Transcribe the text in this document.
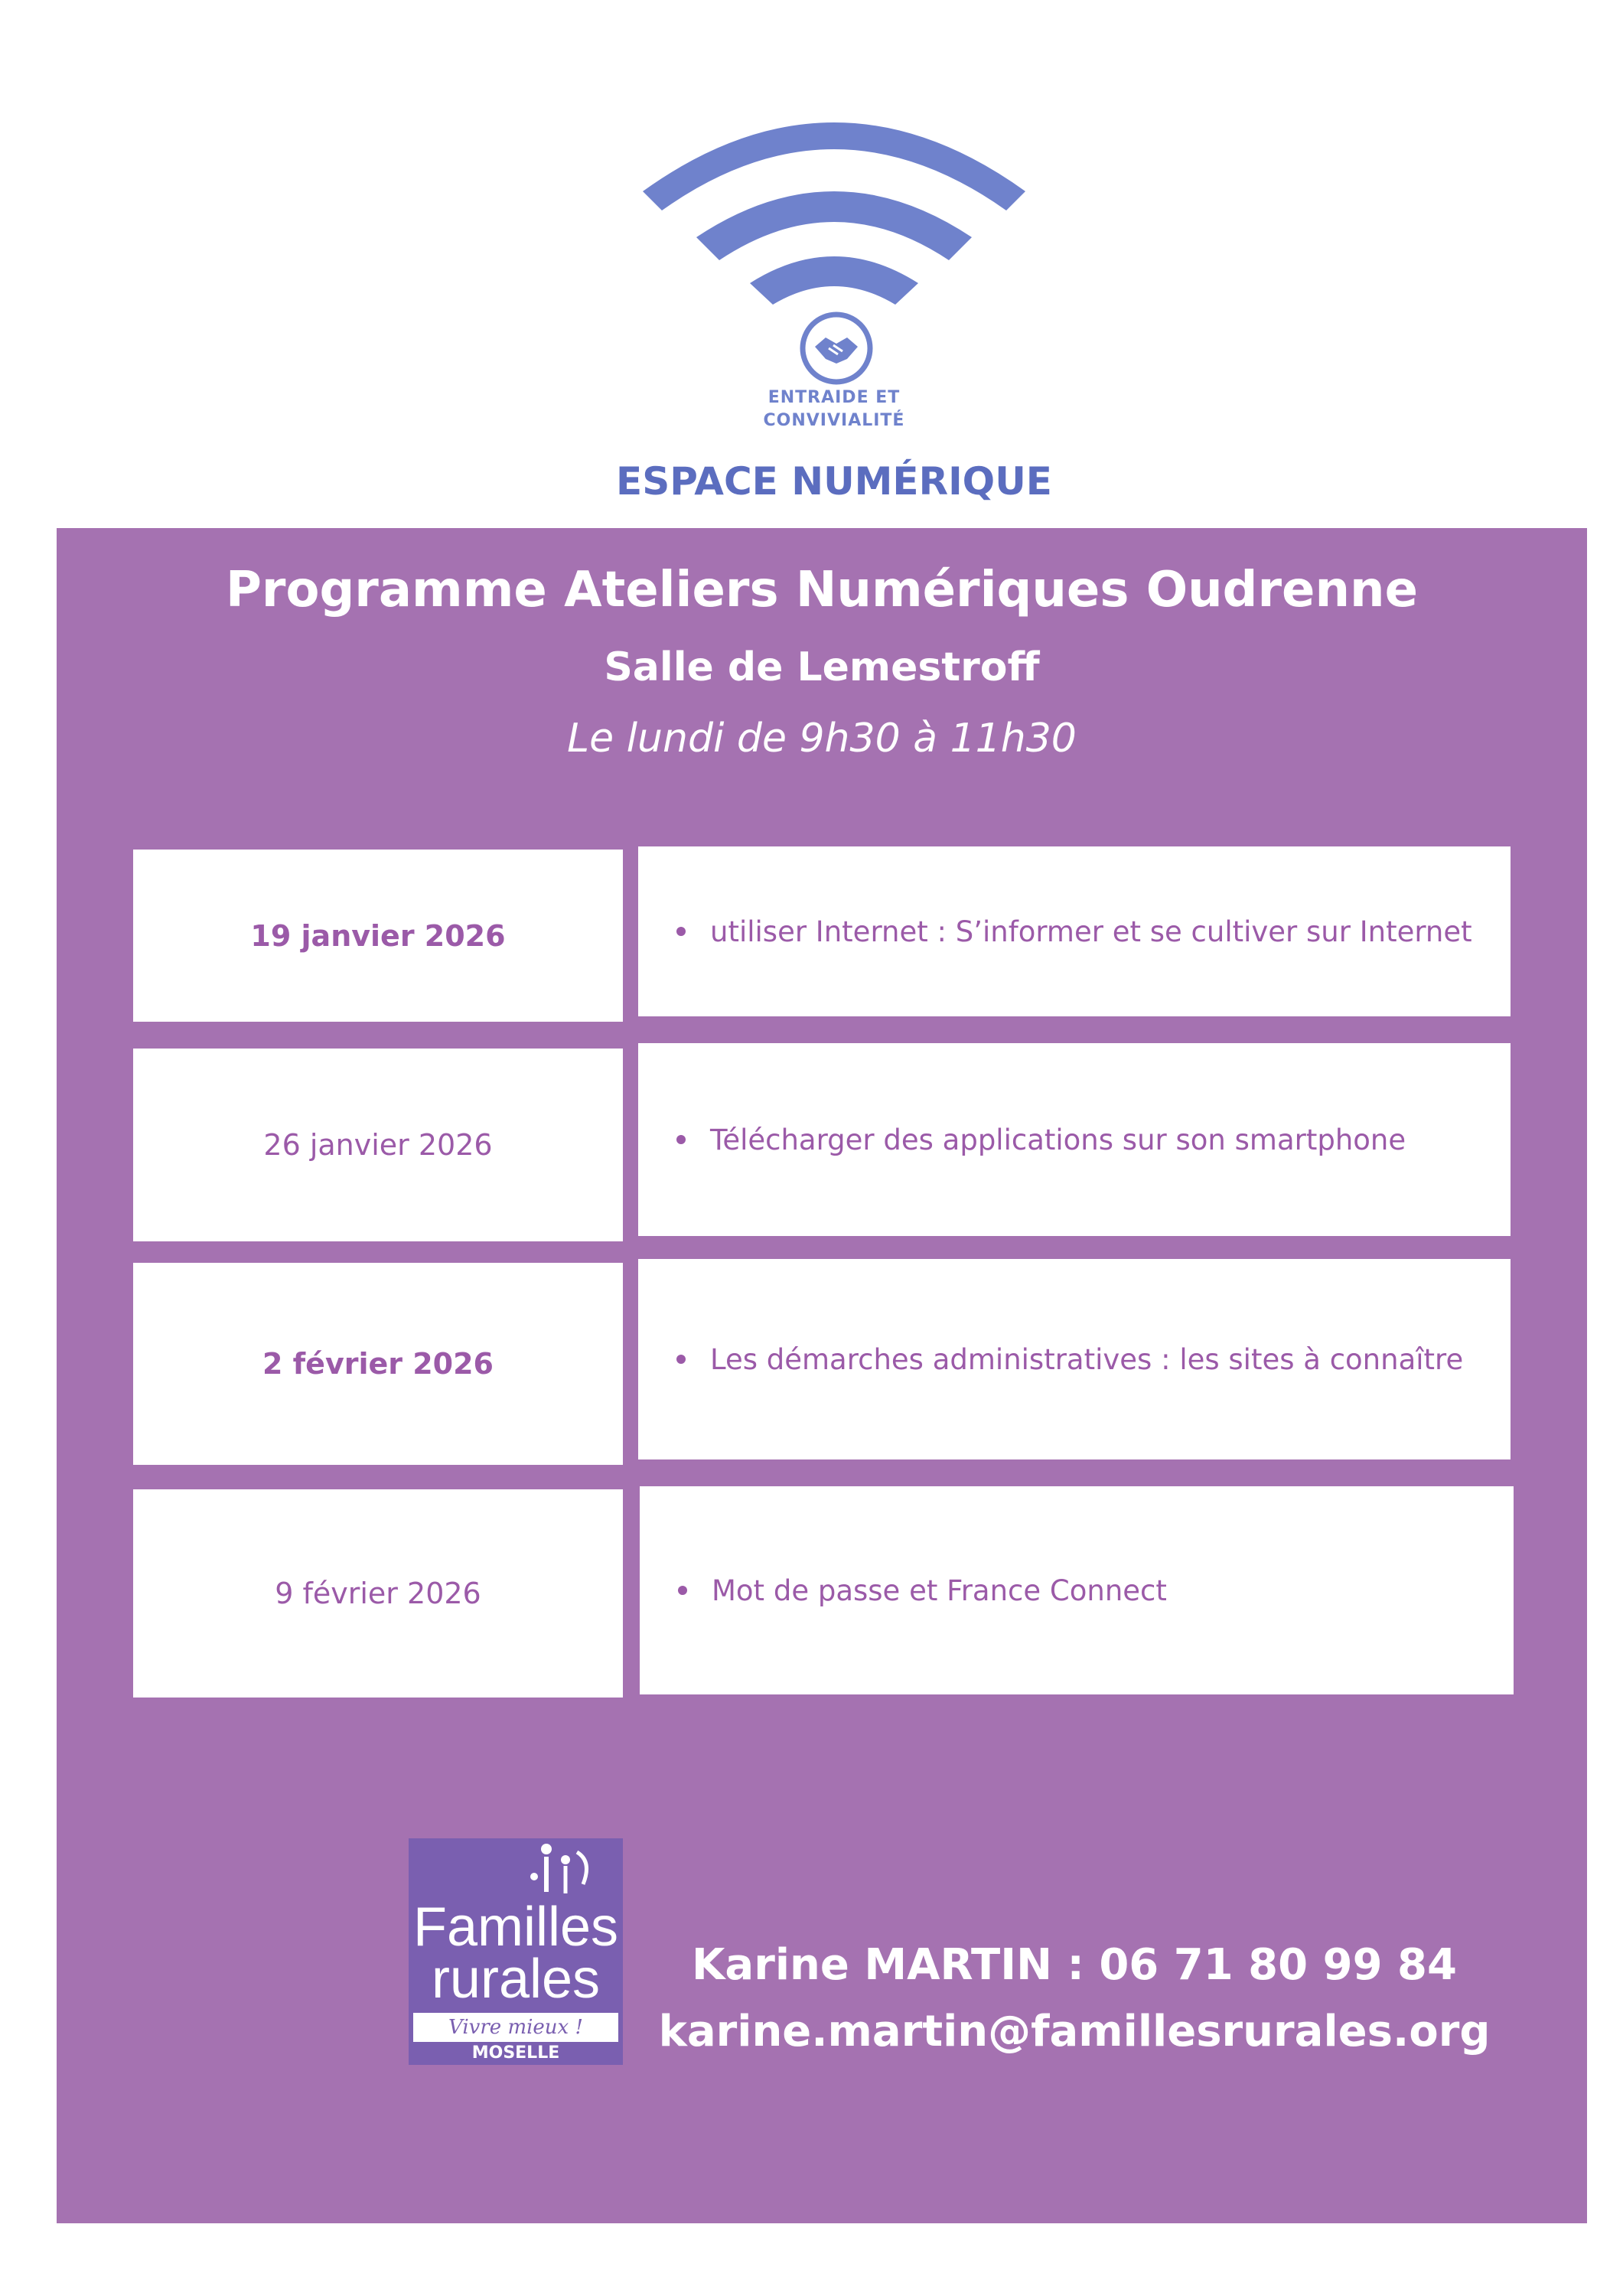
ENTRAIDE ET
CONVIVIALITÉ
ESPACE NUMÉRIQUE
Programme Ateliers Numériques Oudrenne
Salle de Lemestroff
Le lundi de 9h30 à 11h30
19 janvier 2026	utiliser Internet : S’informer et se cultiver sur Internet
26 janvier 2026	Télécharger des applications sur son smartphone
2 février 2026	Les démarches administratives : les sites à connaître
9 février 2026	Mot de passe et France Connect
Familles
rurales
Vivre mieux !
MOSELLE
Karine MARTIN : 06 71 80 99 84
karine.martin@famillesrurales.org
